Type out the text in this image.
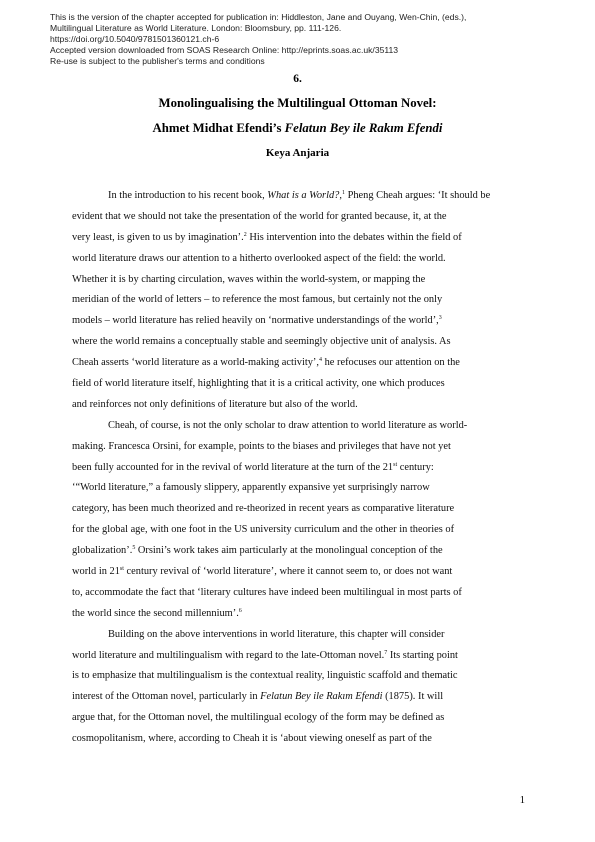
This is the version of the chapter accepted for publication in: Hiddleston, Jane and Ouyang, Wen-Chin, (eds.),
Multilingual Literature as World Literature. London: Bloomsbury, pp. 111-126.
https://doi.org/10.5040/9781501360121.ch-6
Accepted version downloaded from SOAS Research Online: http://eprints.soas.ac.uk/35113
Re-use is subject to the publisher's terms and conditions
6.
Monolingualising the Multilingual Ottoman Novel:
Ahmet Midhat Efendi’s Felatun Bey ile Rakım Efendi
Keya Anjaria
In the introduction to his recent book, What is a World?,$^1$ Pheng Cheah argues: ‘It should be
evident that we should not take the presentation of the world for granted because, it, at the
very least, is given to us by imagination’.$^2$ His intervention into the debates within the field of
world literature draws our attention to a hitherto overlooked aspect of the field: the world.
Whether it is by charting circulation, waves within the world-system, or mapping the
meridian of the world of letters – to reference the most famous, but certainly not the only
models – world literature has relied heavily on ‘normative understandings of the world’,$^3$
where the world remains a conceptually stable and seemingly objective unit of analysis. As
Cheah asserts ‘world literature as a world-making activity’,$^4$ he refocuses our attention on the
field of world literature itself, highlighting that it is a critical activity, one which produces
and reinforces not only definitions of literature but also of the world.
Cheah, of course, is not the only scholar to draw attention to world literature as world-
making. Francesca Orsini, for example, points to the biases and privileges that have not yet
been fully accounted for in the revival of world literature at the turn of the 21st century:
‘“World literature,” a famously slippery, apparently expansive yet surprisingly narrow
category, has been much theorized and re-theorized in recent years as comparative literature
for the global age, with one foot in the US university curriculum and the other in theories of
globalization’.$^5$ Orsini’s work takes aim particularly at the monolingual conception of the
world in 21st century revival of ‘world literature’, where it cannot seem to, or does not want
to, accommodate the fact that ‘literary cultures have indeed been multilingual in most parts of
the world since the second millennium’.$^6$
Building on the above interventions in world literature, this chapter will consider
world literature and multilingualism with regard to the late-Ottoman novel.$^7$ Its starting point
is to emphasize that multilingualism is the contextual reality, linguistic scaffold and thematic
interest of the Ottoman novel, particularly in Felatun Bey ile Rakım Efendi (1875). It will
argue that, for the Ottoman novel, the multilingual ecology of the form may be defined as
cosmopolitanism, where, according to Cheah it is ‘about viewing oneself as part of the
1
